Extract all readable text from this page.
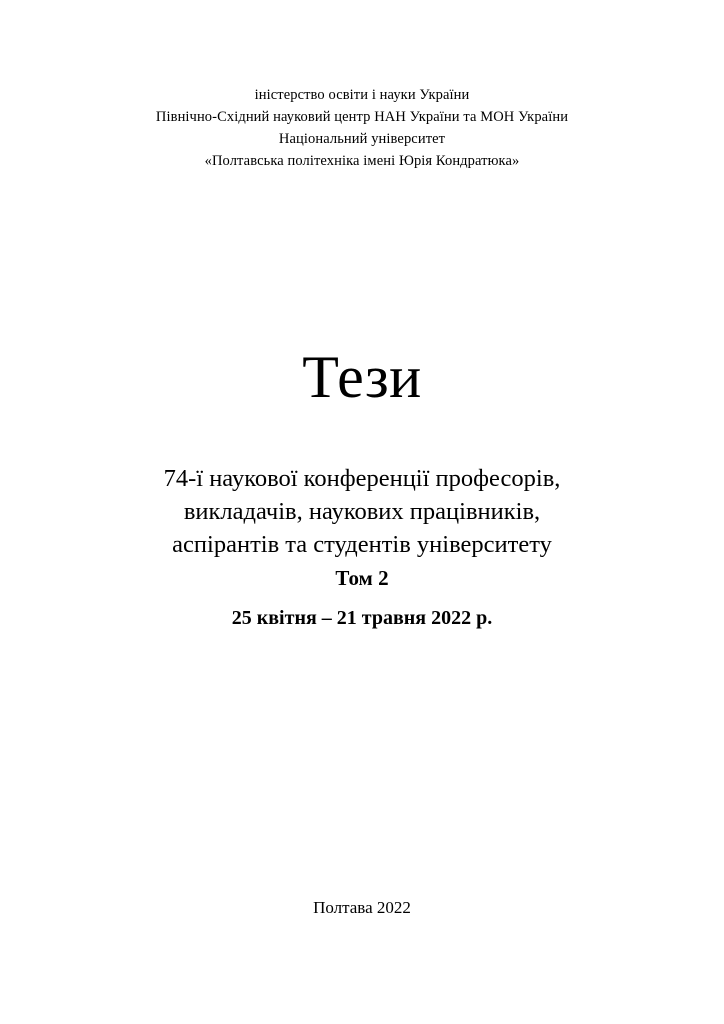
іністерство освіти і науки України
Північно-Східний науковий центр НАН України та МОН України
Національний університет
«Полтавська політехніка імені Юрія Кондратюка»
Тези
74-ї наукової конференції професорів,
викладачів, наукових працівників,
аспірантів та студентів університету
Том 2
25 квітня – 21 травня 2022 р.
Полтава 2022
